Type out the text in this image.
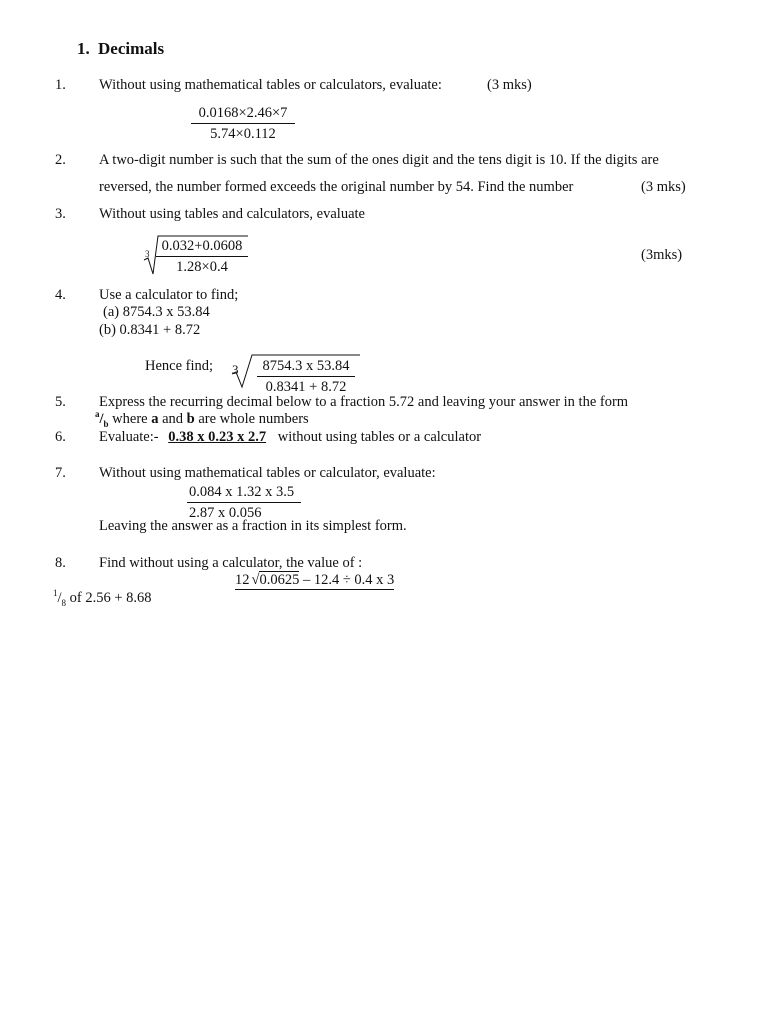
1. Decimals
1. Without using mathematical tables or calculators, evaluate:	(3 mks)
$\frac{0.0168\times 2.46\times 7}{5.74\times 0.112}$
2. A two-digit number is such that the sum of the ones digit and the tens digit is 10. If the digits are
reversed, the number formed exceeds the original number by 54. Find the number	(3 mks)
3. Without using tables and calculators, evaluate
$3 \frac{0.032+0.0608}{1.28\times 0.4}$	(3mks)
4. Use a calculator to find;
(a) 8754.3 x 53.84
(b) 0.8341 + 8.72
Hence find; $3 \frac{8754.3 x 53.84}{0.8341 + 8.72}$
5. Express the recurring decimal below to a fraction 5.72 and leaving your answer in the form
$^a/_b$ where a and b are whole numbers
6. Evaluate:- 0.38 x 0.23 x 2.7 without using tables or a calculator
7. Without using mathematical tables or calculator, evaluate:
$\frac{0.084 x 1.32 x 3.5}{2.87 x 0.056}$
Leaving the answer as a fraction in its simplest form.
8. Find without using a calculator, the value of :
12 √0.0625 – 12.4 ÷ 0.4 x 3
$^1/_8$ of 2.56 + 8.68
